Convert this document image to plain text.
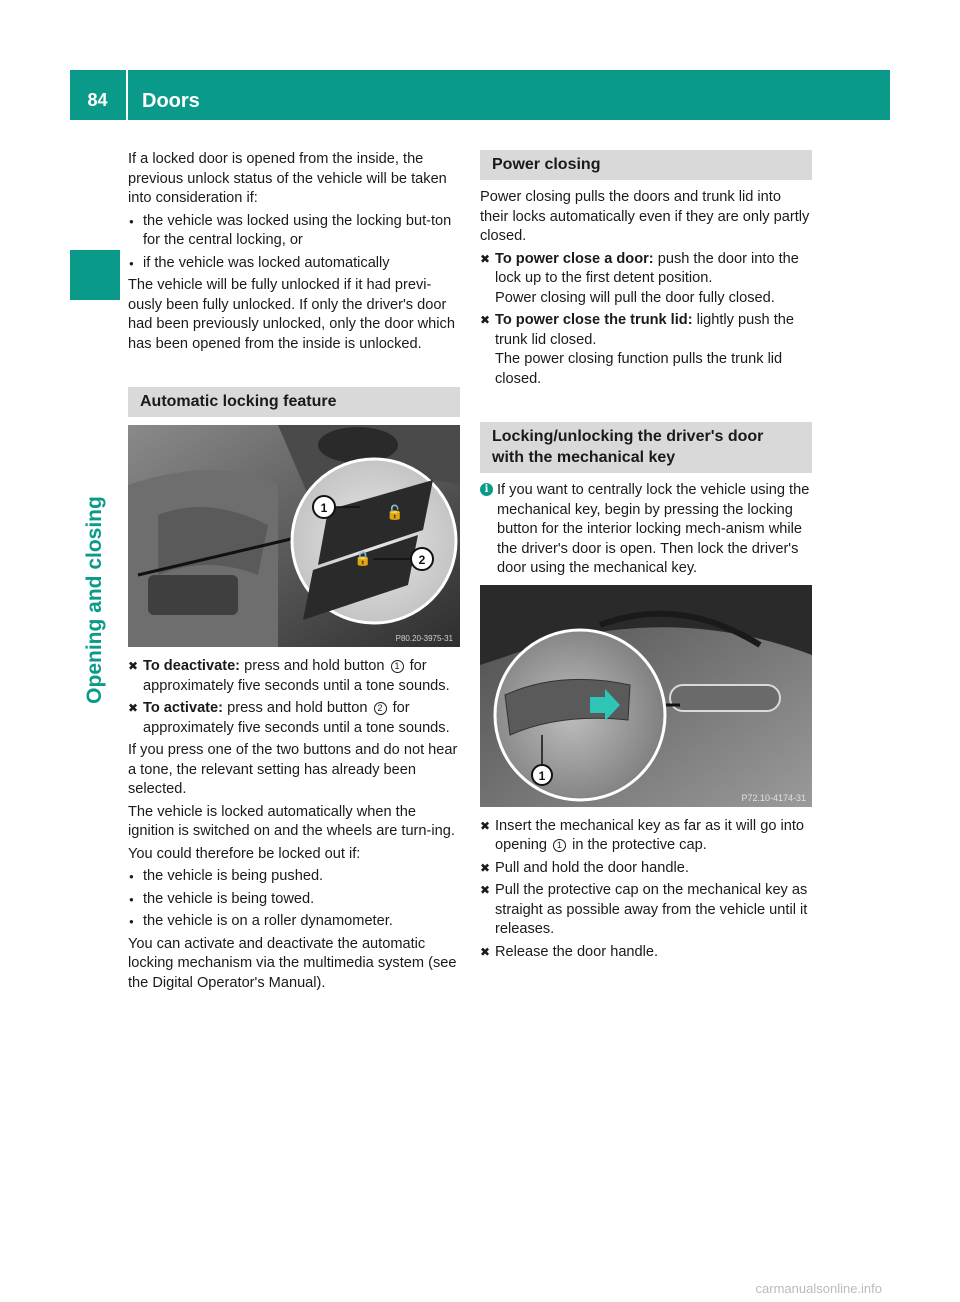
84	Doors
Opening and closing

If a locked door is opened from the inside, the previous unlock status of the vehicle will be taken into consideration if:

● the vehicle was locked using the locking but-ton for the central locking, or
● if the vehicle was locked automatically

The vehicle will be fully unlocked if it had previ-ously been fully unlocked. If only the driver's door had been previously unlocked, only the door which has been opened from the inside is unlocked.

Automatic locking feature
🔓
🔒
1
2
P80.20-3975-31
✖ To deactivate: press and hold button 1 for approximately five seconds until a tone sounds.
✖ To activate: press and hold button 2 for approximately five seconds until a tone sounds.

If you press one of the two buttons and do not hear a tone, the relevant setting has already been selected.

The vehicle is locked automatically when the ignition is switched on and the wheels are turn-ing.

You could therefore be locked out if:

● the vehicle is being pushed.
● the vehicle is being towed.
● the vehicle is on a roller dynamometer.

You can activate and deactivate the automatic locking mechanism via the multimedia system (see the Digital Operator's Manual).

Power closing

Power closing pulls the doors and trunk lid into their locks automatically even if they are only partly closed.

✖ To power close a door: push the door into the lock up to the first detent position.
Power closing will pull the door fully closed.
✖ To power close the trunk lid: lightly push the trunk lid closed.
The power closing function pulls the trunk lid closed.
Locking/unlocking the driver's door
with the mechanical key
i If you want to centrally lock the vehicle using the mechanical key, begin by pressing the locking button for the interior locking mech-anism while the driver's door is open. Then lock the driver's door using the mechanical key.
1
P72.10-4174-31
✖ Insert the mechanical key as far as it will go into opening 1 in the protective cap.
✖ Pull and hold the door handle.
✖ Pull the protective cap on the mechanical key as straight as possible away from the vehicle until it releases.
✖ Release the door handle.
carmanualsonline.info
